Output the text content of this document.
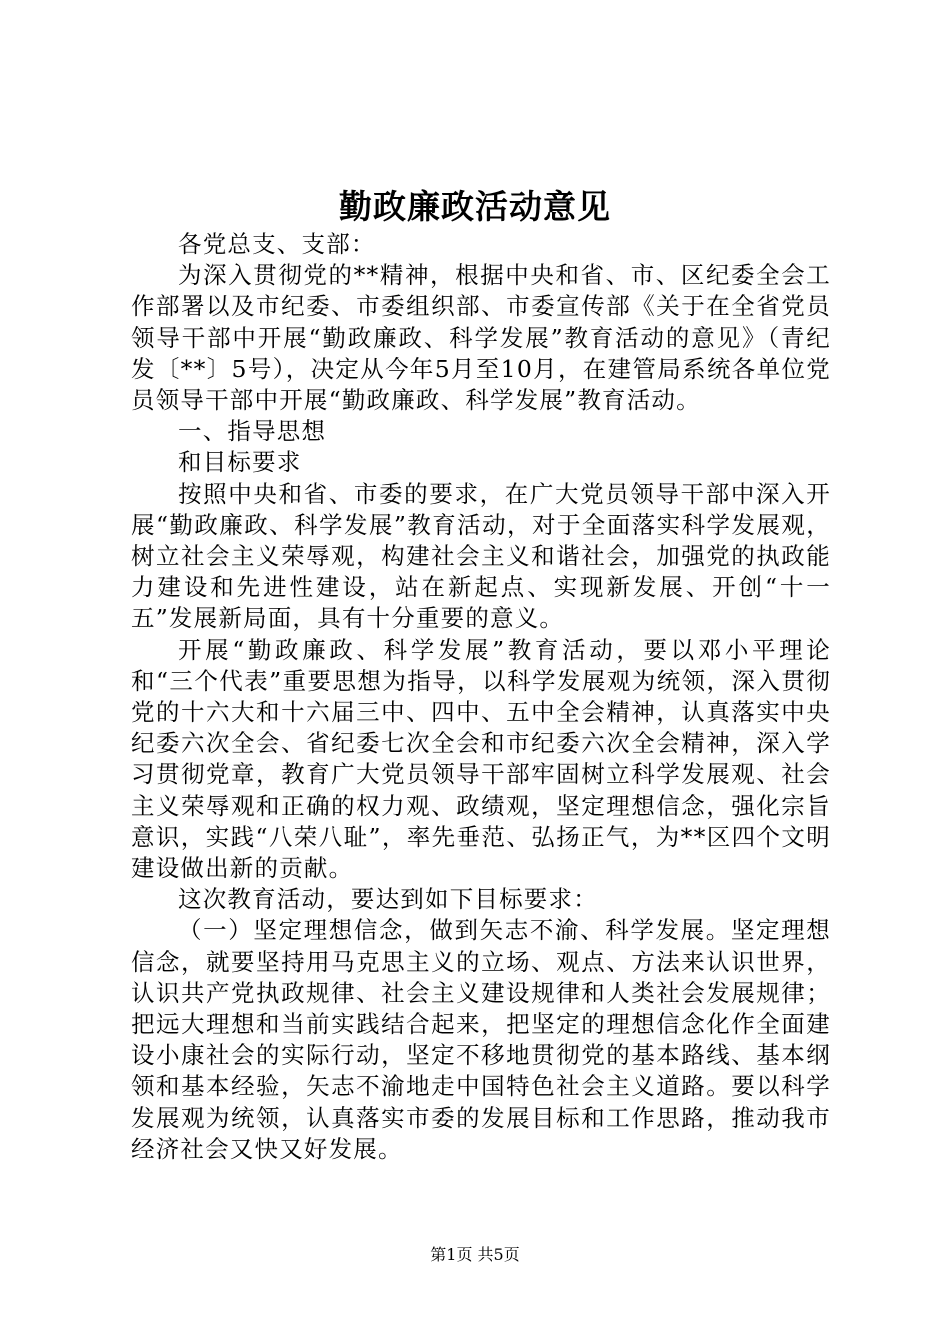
勤政廉政活动意见

各党总支、支部：

为深入贯彻党的**精神，根据中央和省、市、区纪委全会工作部署以及市纪委、市委组织部、市委宣传部《关于在全省党员领导干部中开展“勤政廉政、科学发展”教育活动的意见》（青纪发〔**〕5号），决定从今年5月至10月，在建管局系统各单位党员领导干部中开展“勤政廉政、科学发展”教育活动。

一、指导思想

和目标要求

按照中央和省、市委的要求，在广大党员领导干部中深入开展“勤政廉政、科学发展”教育活动，对于全面落实科学发展观，树立社会主义荣辱观，构建社会主义和谐社会，加强党的执政能力建设和先进性建设，站在新起点、实现新发展、开创“十一五”发展新局面，具有十分重要的意义。

开展“勤政廉政、科学发展”教育活动，要以邓小平理论和“三个代表”重要思想为指导，以科学发展观为统领，深入贯彻党的十六大和十六届三中、四中、五中全会精神，认真落实中央纪委六次全会、省纪委七次全会和市纪委六次全会精神，深入学习贯彻党章，教育广大党员领导干部牢固树立科学发展观、社会主义荣辱观和正确的权力观、政绩观，坚定理想信念，强化宗旨意识，实践“八荣八耻”，率先垂范、弘扬正气，为**区四个文明建设做出新的贡献。

这次教育活动，要达到如下目标要求：

（一）坚定理想信念，做到矢志不渝、科学发展。坚定理想信念，就要坚持用马克思主义的立场、观点、方法来认识世界，认识共产党执政规律、社会主义建设规律和人类社会发展规律；把远大理想和当前实践结合起来，把坚定的理想信念化作全面建设小康社会的实际行动，坚定不移地贯彻党的基本路线、基本纲领和基本经验，矢志不渝地走中国特色社会主义道路。要以科学发展观为统领，认真落实市委的发展目标和工作思路，推动我市经济社会又快又好发展。

第1页 共5页
